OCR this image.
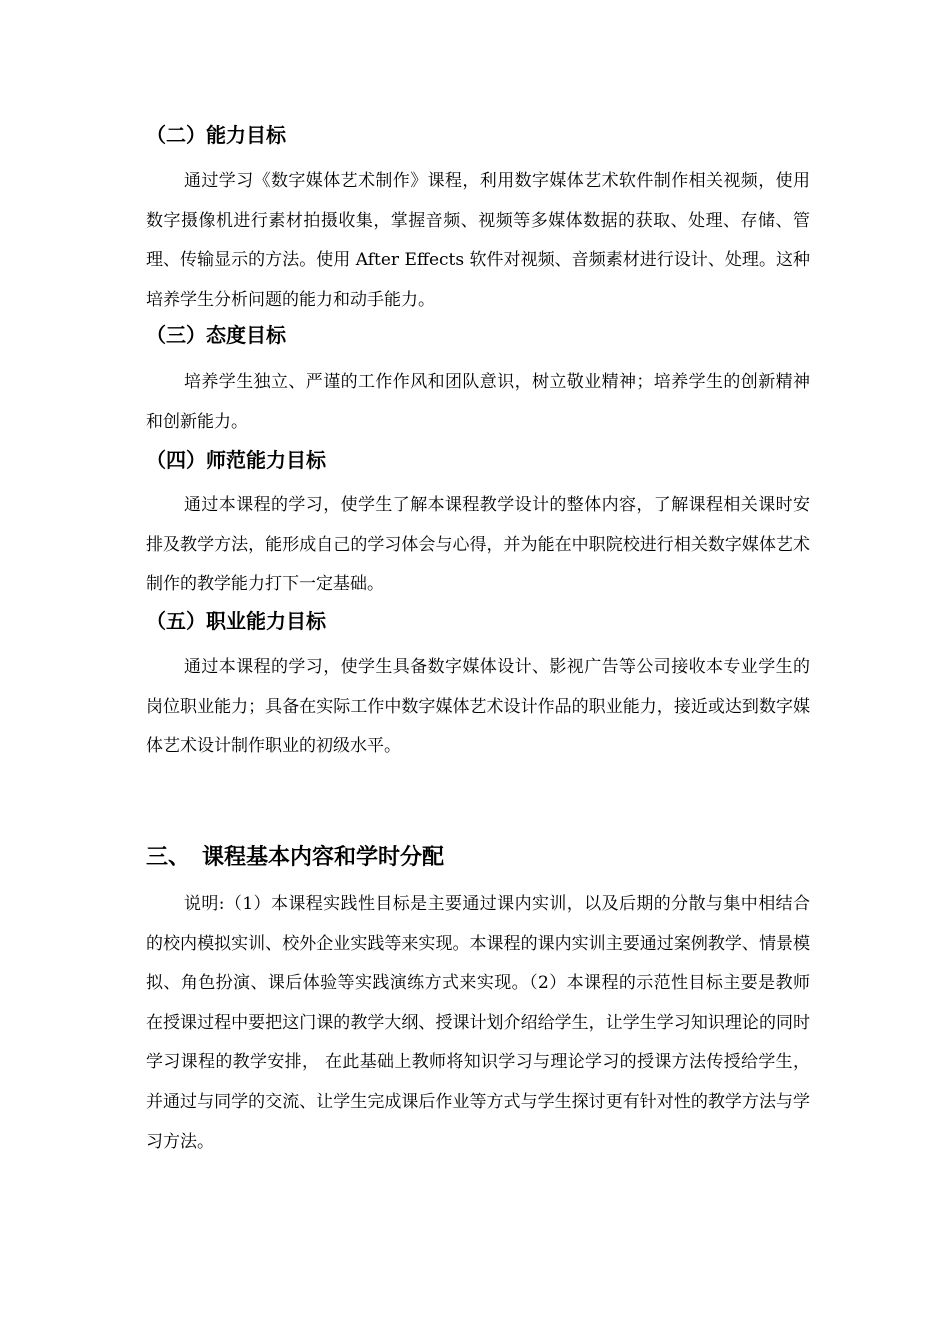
（二）能力目标
通过学习《数字媒体艺术制作》课程，利用数字媒体艺术软件制作相关视频，使用数字摄像机进行素材拍摄收集，掌握音频、视频等多媒体数据的获取、处理、存储、管理、传输显示的方法。使用 After Effects 软件对视频、音频素材进行设计、处理。这种培养学生分析问题的能力和动手能力。
（三）态度目标
培养学生独立、严谨的工作作风和团队意识，树立敬业精神；培养学生的创新精神和创新能力。
（四）师范能力目标
通过本课程的学习，使学生了解本课程教学设计的整体内容，了解课程相关课时安排及教学方法，能形成自己的学习体会与心得，并为能在中职院校进行相关数字媒体艺术制作的教学能力打下一定基础。
（五）职业能力目标
通过本课程的学习，使学生具备数字媒体设计、影视广告等公司接收本专业学生的岗位职业能力；具备在实际工作中数字媒体艺术设计作品的职业能力，接近或达到数字媒体艺术设计制作职业的初级水平。
三、 课程基本内容和学时分配
说明:（1）本课程实践性目标是主要通过课内实训，以及后期的分散与集中相结合的校内模拟实训、校外企业实践等来实现。本课程的课内实训主要通过案例教学、情景模拟、角色扮演、课后体验等实践演练方式来实现。（2）本课程的示范性目标主要是教师在授课过程中要把这门课的教学大纲、授课计划介绍给学生，让学生学习知识理论的同时学习课程的教学安排， 在此基础上教师将知识学习与理论学习的授课方法传授给学生，并通过与同学的交流、让学生完成课后作业等方式与学生探讨更有针对性的教学方法与学习方法。
